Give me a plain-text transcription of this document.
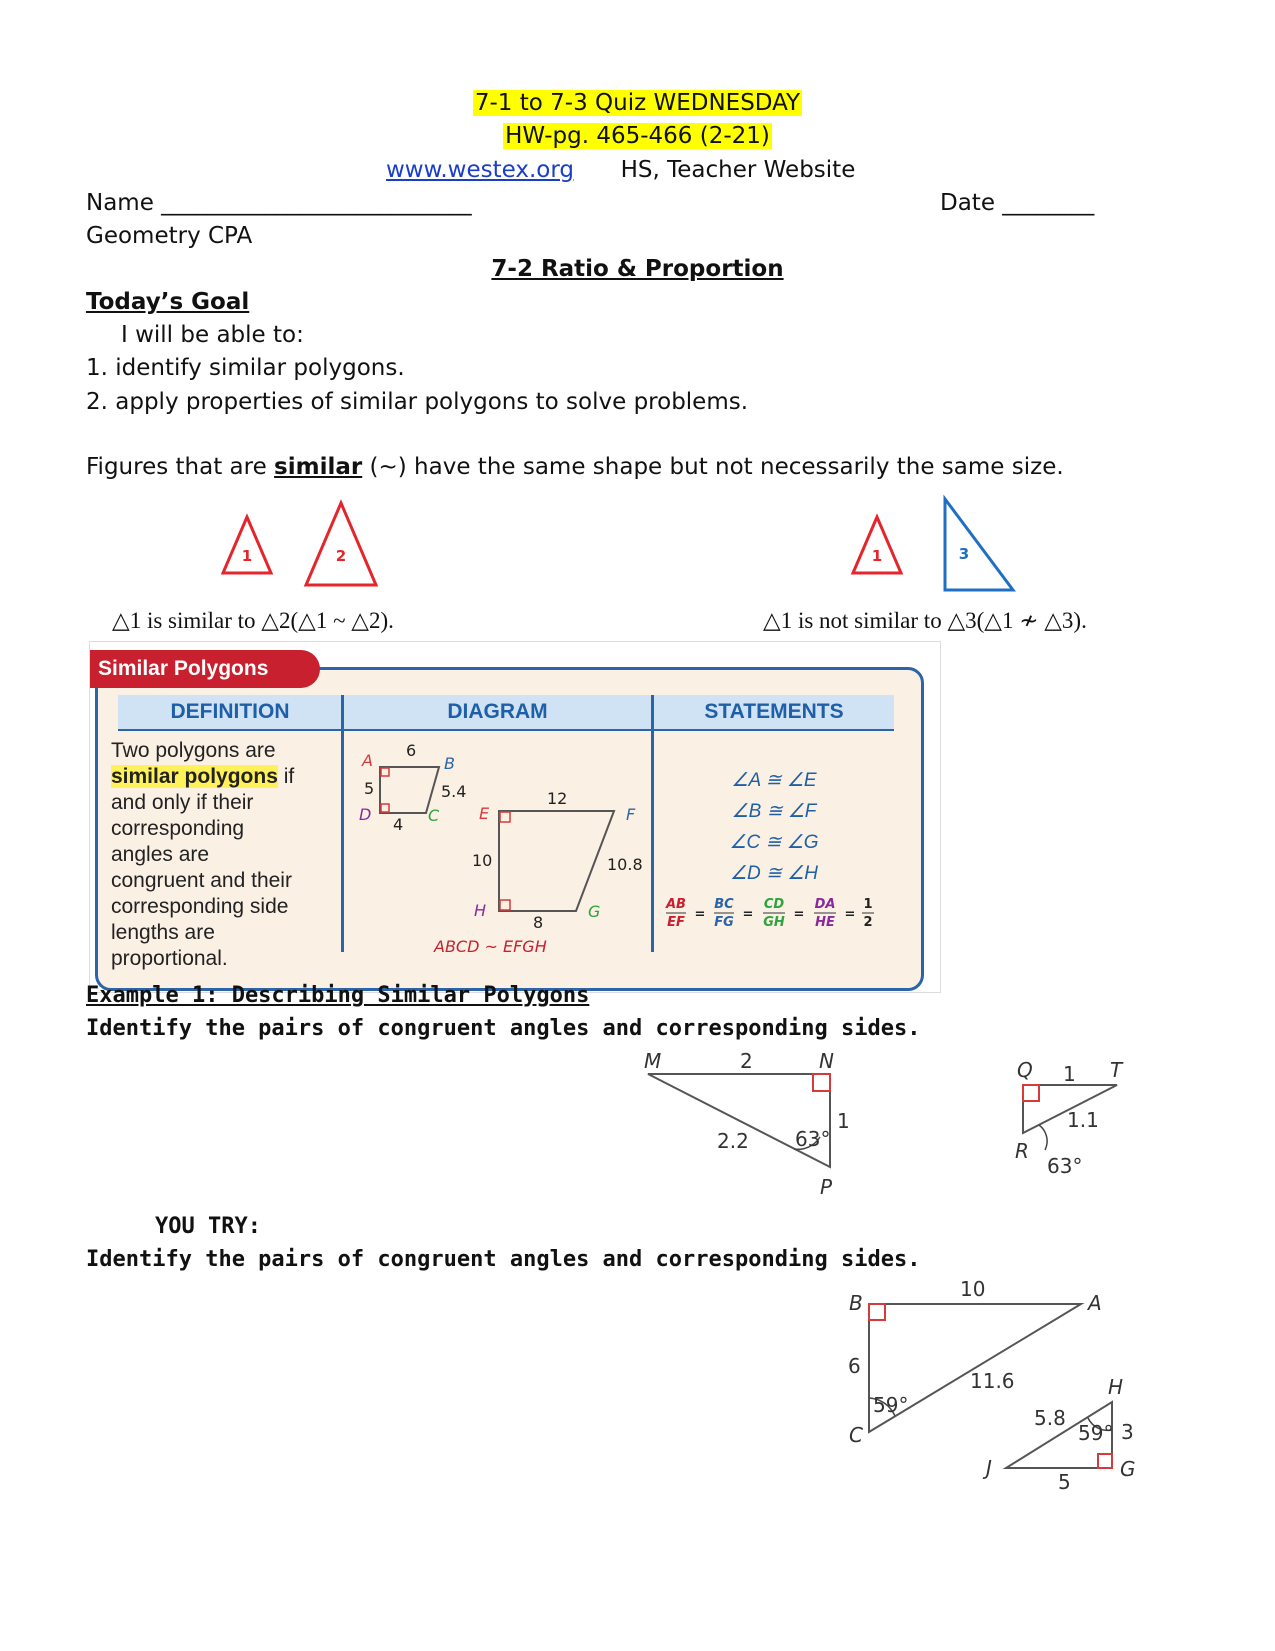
7-1 to 7-3 Quiz WEDNESDAY
HW-pg. 465-466 (2-21)
www.westex.org HS, Teacher Website
Name ___________________________	Date ________
Geometry CPA
7-2 Ratio & Proportion
Today’s Goal
I will be able to:
1. identify similar polygons.
2. apply properties of similar polygons to solve problems.
Figures that are similar (~) have the same shape but not necessarily the same size.
1	2	1	3
△1 is similar to △2(△1 ~ △2).	△1 is not similar to △3(△1 ≁ △3).
Similar Polygons
DEFINITION	DIAGRAM	STATEMENTS
Two polygons are
similar polygons if
and only if their
corresponding
angles are
congruent and their
corresponding side
lengths are
proportional.
A	B
C
D
6
5	5.4
4
E	F
G
H
12
10	10.8
8
ABCD ~ EFGH
∠A ≅ ∠E
∠B ≅ ∠F
∠C ≅ ∠G
∠D ≅ ∠H
AB
EF
=
BC
FG
=
CD
GH
=
DA
HE
=
1
2
Example 1: Describing Similar Polygons
Identify the pairs of congruent angles and corresponding sides.
M	N
P
2
1
2.2 63°
Q	T
R
1
1.1
63°
YOU TRY:
Identify the pairs of congruent angles and corresponding sides.
B	A
C
10
6
11.6
59°
H
J	G
5.8
3
5
59°
